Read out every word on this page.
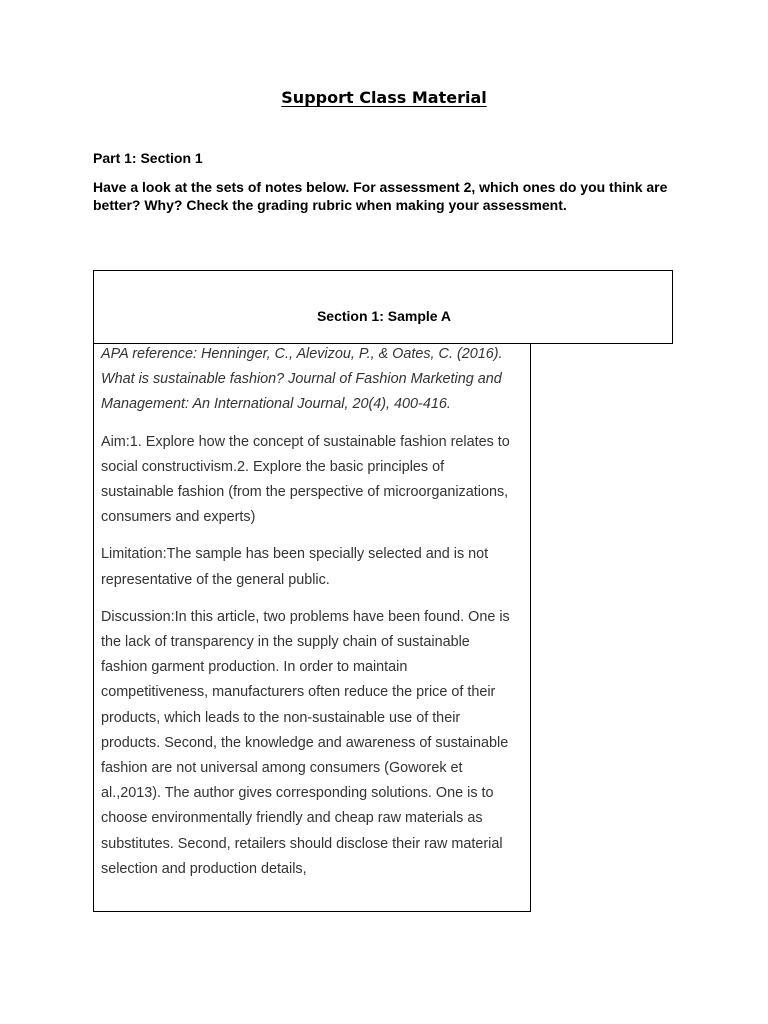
Support Class Material

Part 1: Section 1

Have a look at the sets of notes below. For assessment 2, which ones do you think are better? Why? Check the grading rubric when making your assessment.

Section 1: Sample A

APA reference: Henninger, C., Alevizou, P., & Oates, C. (2016). What is sustainable fashion? Journal of Fashion Marketing and Management: An International Journal, 20(4), 400-416.

Aim:1. Explore how the concept of sustainable fashion relates to social constructivism.2. Explore the basic principles of sustainable fashion (from the perspective of microorganizations, consumers and experts)

Limitation:The sample has been specially selected and is not representative of the general public.

Discussion:In this article, two problems have been found. One is the lack of transparency in the supply chain of sustainable fashion garment production. In order to maintain competitiveness, manufacturers often reduce the price of their products, which leads to the non-sustainable use of their products. Second, the knowledge and awareness of sustainable fashion are not universal among consumers (Goworek et al.,2013). The author gives corresponding solutions. One is to choose environmentally friendly and cheap raw materials as substitutes. Second, retailers should disclose their raw material selection and production details,
